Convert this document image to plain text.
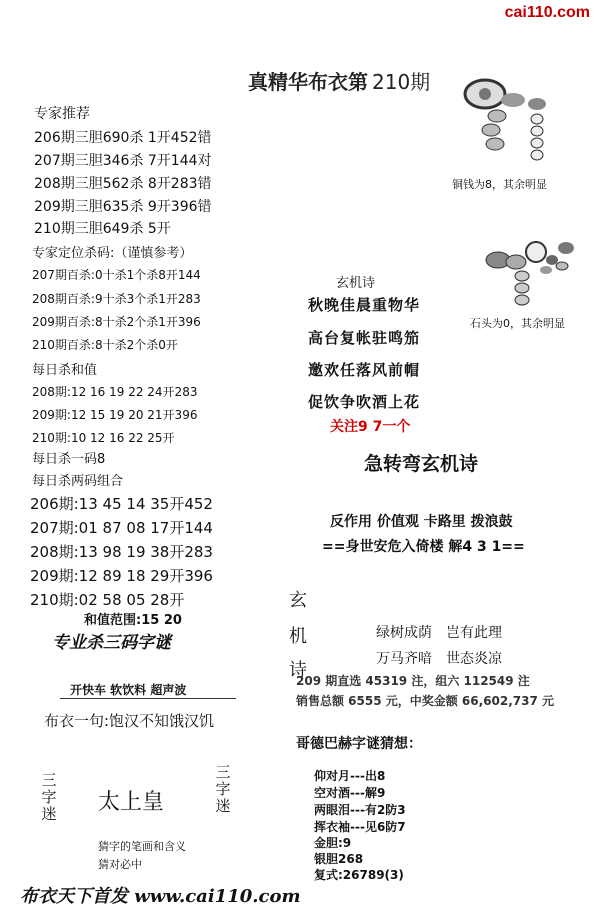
cai110.com
真精华布衣第 210期
专家推荐
206期三胆690杀 1开452错
207期三胆346杀 7开144对
208期三胆562杀 8开283错
209期三胆635杀 9开396错
210期三胆649杀 5开
专家定位杀码:（谨慎参考）
207期百杀:0十杀1个杀8开144
208期百杀:9十杀3个杀1开283
209期百杀:8十杀2个杀1开396
210期百杀:8十杀2个杀0开
每日杀和值
208期:12 16 19 22 24开283
209期:12 15 19 20 21开396
210期:10 12 16 22 25开
每日杀一码8
每日杀两码组合
206期:13 45 14 35开452
207期:01 87 08 17开144
208期:13 98 19 38开283
209期:12 89 18 29开396
210期:02 58 05 28开
和值范围:15 20
专业杀三码字谜
开快车 软饮料 超声波
布衣一句:饱汉不知饿汉饥
三字迷
三字迷
太上皇
猜字的笔画和含义
猜对必中
布衣天下首发 www.cai110.com
铜钱为8，其余明显
石头为0，其余明显
玄机诗
秋晚佳晨重物华
高台复帐驻鸣笳
邀欢任落风前帽
促饮争吹酒上花
关注9 7一个
急转弯玄机诗
反作用 价值观 卡路里 拨浪鼓
==身世安危入倚楼 解4 3 1==
玄
机
诗
绿树成荫　岂有此理
万马齐喑　世态炎凉
209 期直选 45319 注，组六 112549 注
销售总额 6555 元，中奖金额 66,602,737 元
哥德巴赫字谜猜想：
仰对月---出8
空对酒---解9
两眼泪---有2防3
挥衣袖---见6防7
金胆:9
银胆268
复式:26789(3)
